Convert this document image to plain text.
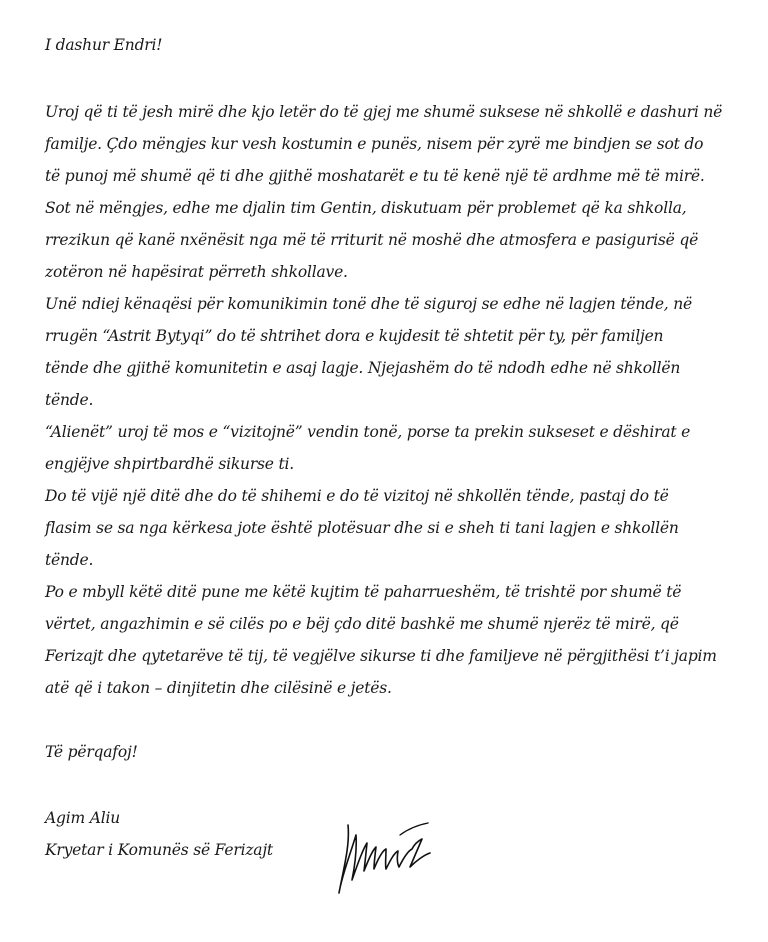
I dashur Endri!
Uroj që ti të jesh mirë dhe kjo letër do të gjej me shumë suksese në shkollë e dashuri në
familje. Çdo mëngjes kur vesh kostumin e punës, nisem për zyrë me bindjen se sot do
të punoj më shumë që ti dhe gjithë moshatarët e tu të kenë një të ardhme më të mirë.
Sot në mëngjes, edhe me djalin tim Gentin, diskutuam për problemet që ka shkolla,
rrezikun që kanë nxënësit nga më të rriturit në moshë dhe atmosfera e pasigurisë që
zotëron në hapësirat përreth shkollave.
Unë ndiej kënaqësi për komunikimin tonë dhe të siguroj se edhe në lagjen tënde, në
rrugën “Astrit Bytyqi” do të shtrihet dora e kujdesit të shtetit për ty, për familjen
tënde dhe gjithë komunitetin e asaj lagje. Njejashëm do të ndodh edhe në shkollën
tënde.
“Alienët” uroj të mos e “vizitojnë” vendin tonë, porse ta prekin sukseset e dëshirat e
engjëjve shpirtbardhë sikurse ti.
Do të vijë një ditë dhe do të shihemi e do të vizitoj në shkollën tënde, pastaj do të
flasim se sa nga kërkesa jote është plotësuar dhe si e sheh ti tani lagjen e shkollën
tënde.
Po e mbyll këtë ditë pune me këtë kujtim të paharrueshëm, të trishtë por shumë të
vërtet, angazhimin e së cilës po e bëj çdo ditë bashkë me shumë njerëz të mirë, që
Ferizajt dhe qytetarëve të tij, të vegjëlve sikurse ti dhe familjeve në përgjithësi t’i japim
atë që i takon – dinjitetin dhe cilësinë e jetës.
Të përqafoj!
Agim Aliu
Kryetar i Komunës së Ferizajt
